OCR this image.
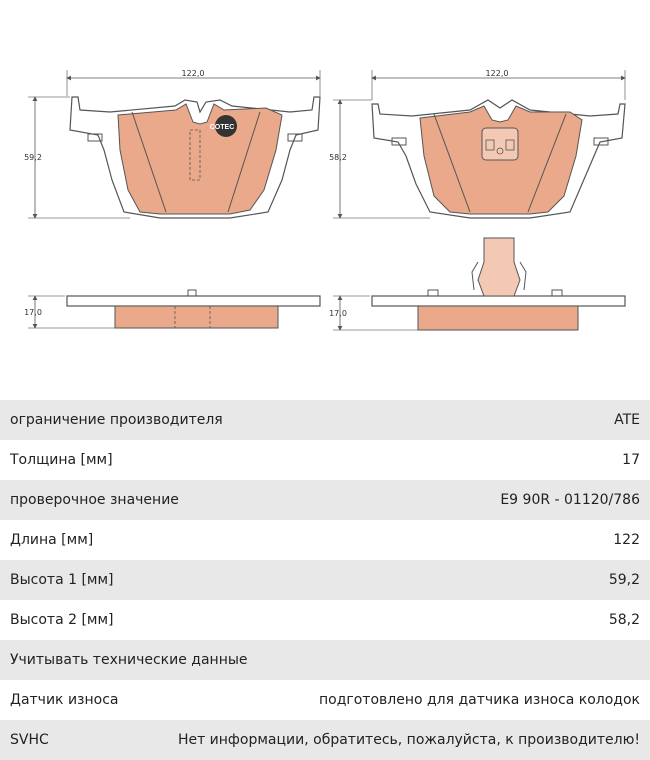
122,0
59,2
COTEC
122,0
58,2
17,0	17,0
ограничение производителя	ATE
Толщина [мм]	17
проверочное значение	E9 90R - 01120/786
Длина [мм]	122
Высота 1 [мм]	59,2
Высота 2 [мм]	58,2
Учитывать технические данные
Датчик износа	подготовлено для датчика износа колодок
SVHC	Нет информации, обратитесь, пожалуйста, к производителю!
